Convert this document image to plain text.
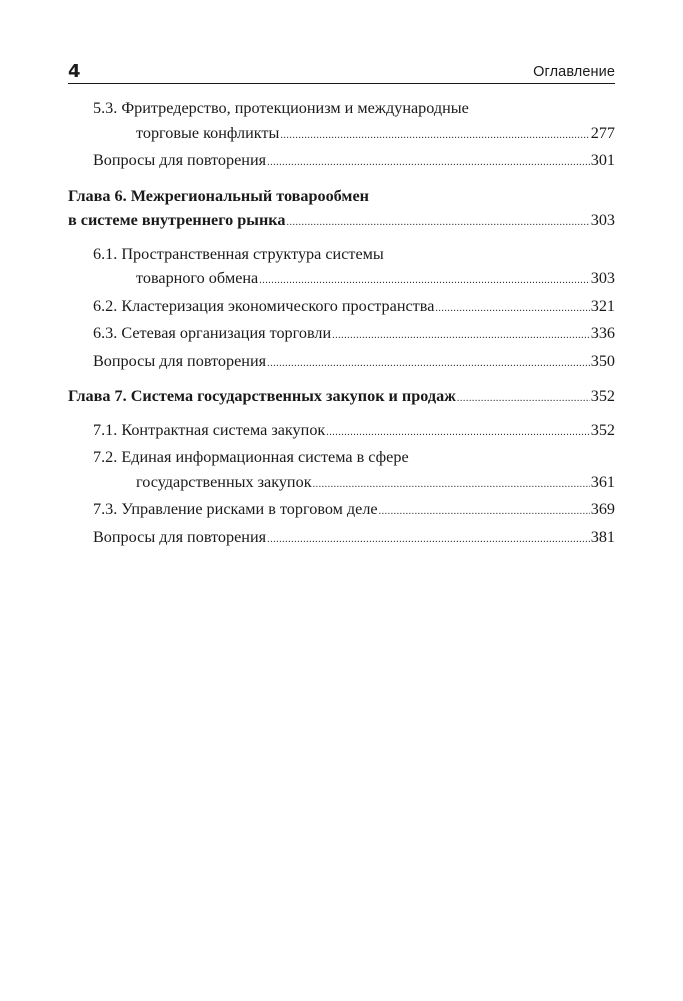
4	Оглавление
5.3. Фритредерство, протекционизм и международные
торговые конфликты .....	277
Вопросы для повторения .....	301
Глава 6. Межрегиональный товарообмен
в системе внутреннего рынка .....	303
6.1. Пространственная структура системы
товарного обмена .....	303
6.2. Кластеризация экономического пространства .....	321
6.3. Сетевая организация торговли .....	336
Вопросы для повторения .....	350
Глава 7. Система государственных закупок и продаж .....	352
7.1. Контрактная система закупок .....	352
7.2. Единая информационная система в сфере
государственных закупок .....	361
7.3. Управление рисками в торговом деле .....	369
Вопросы для повторения .....	381
